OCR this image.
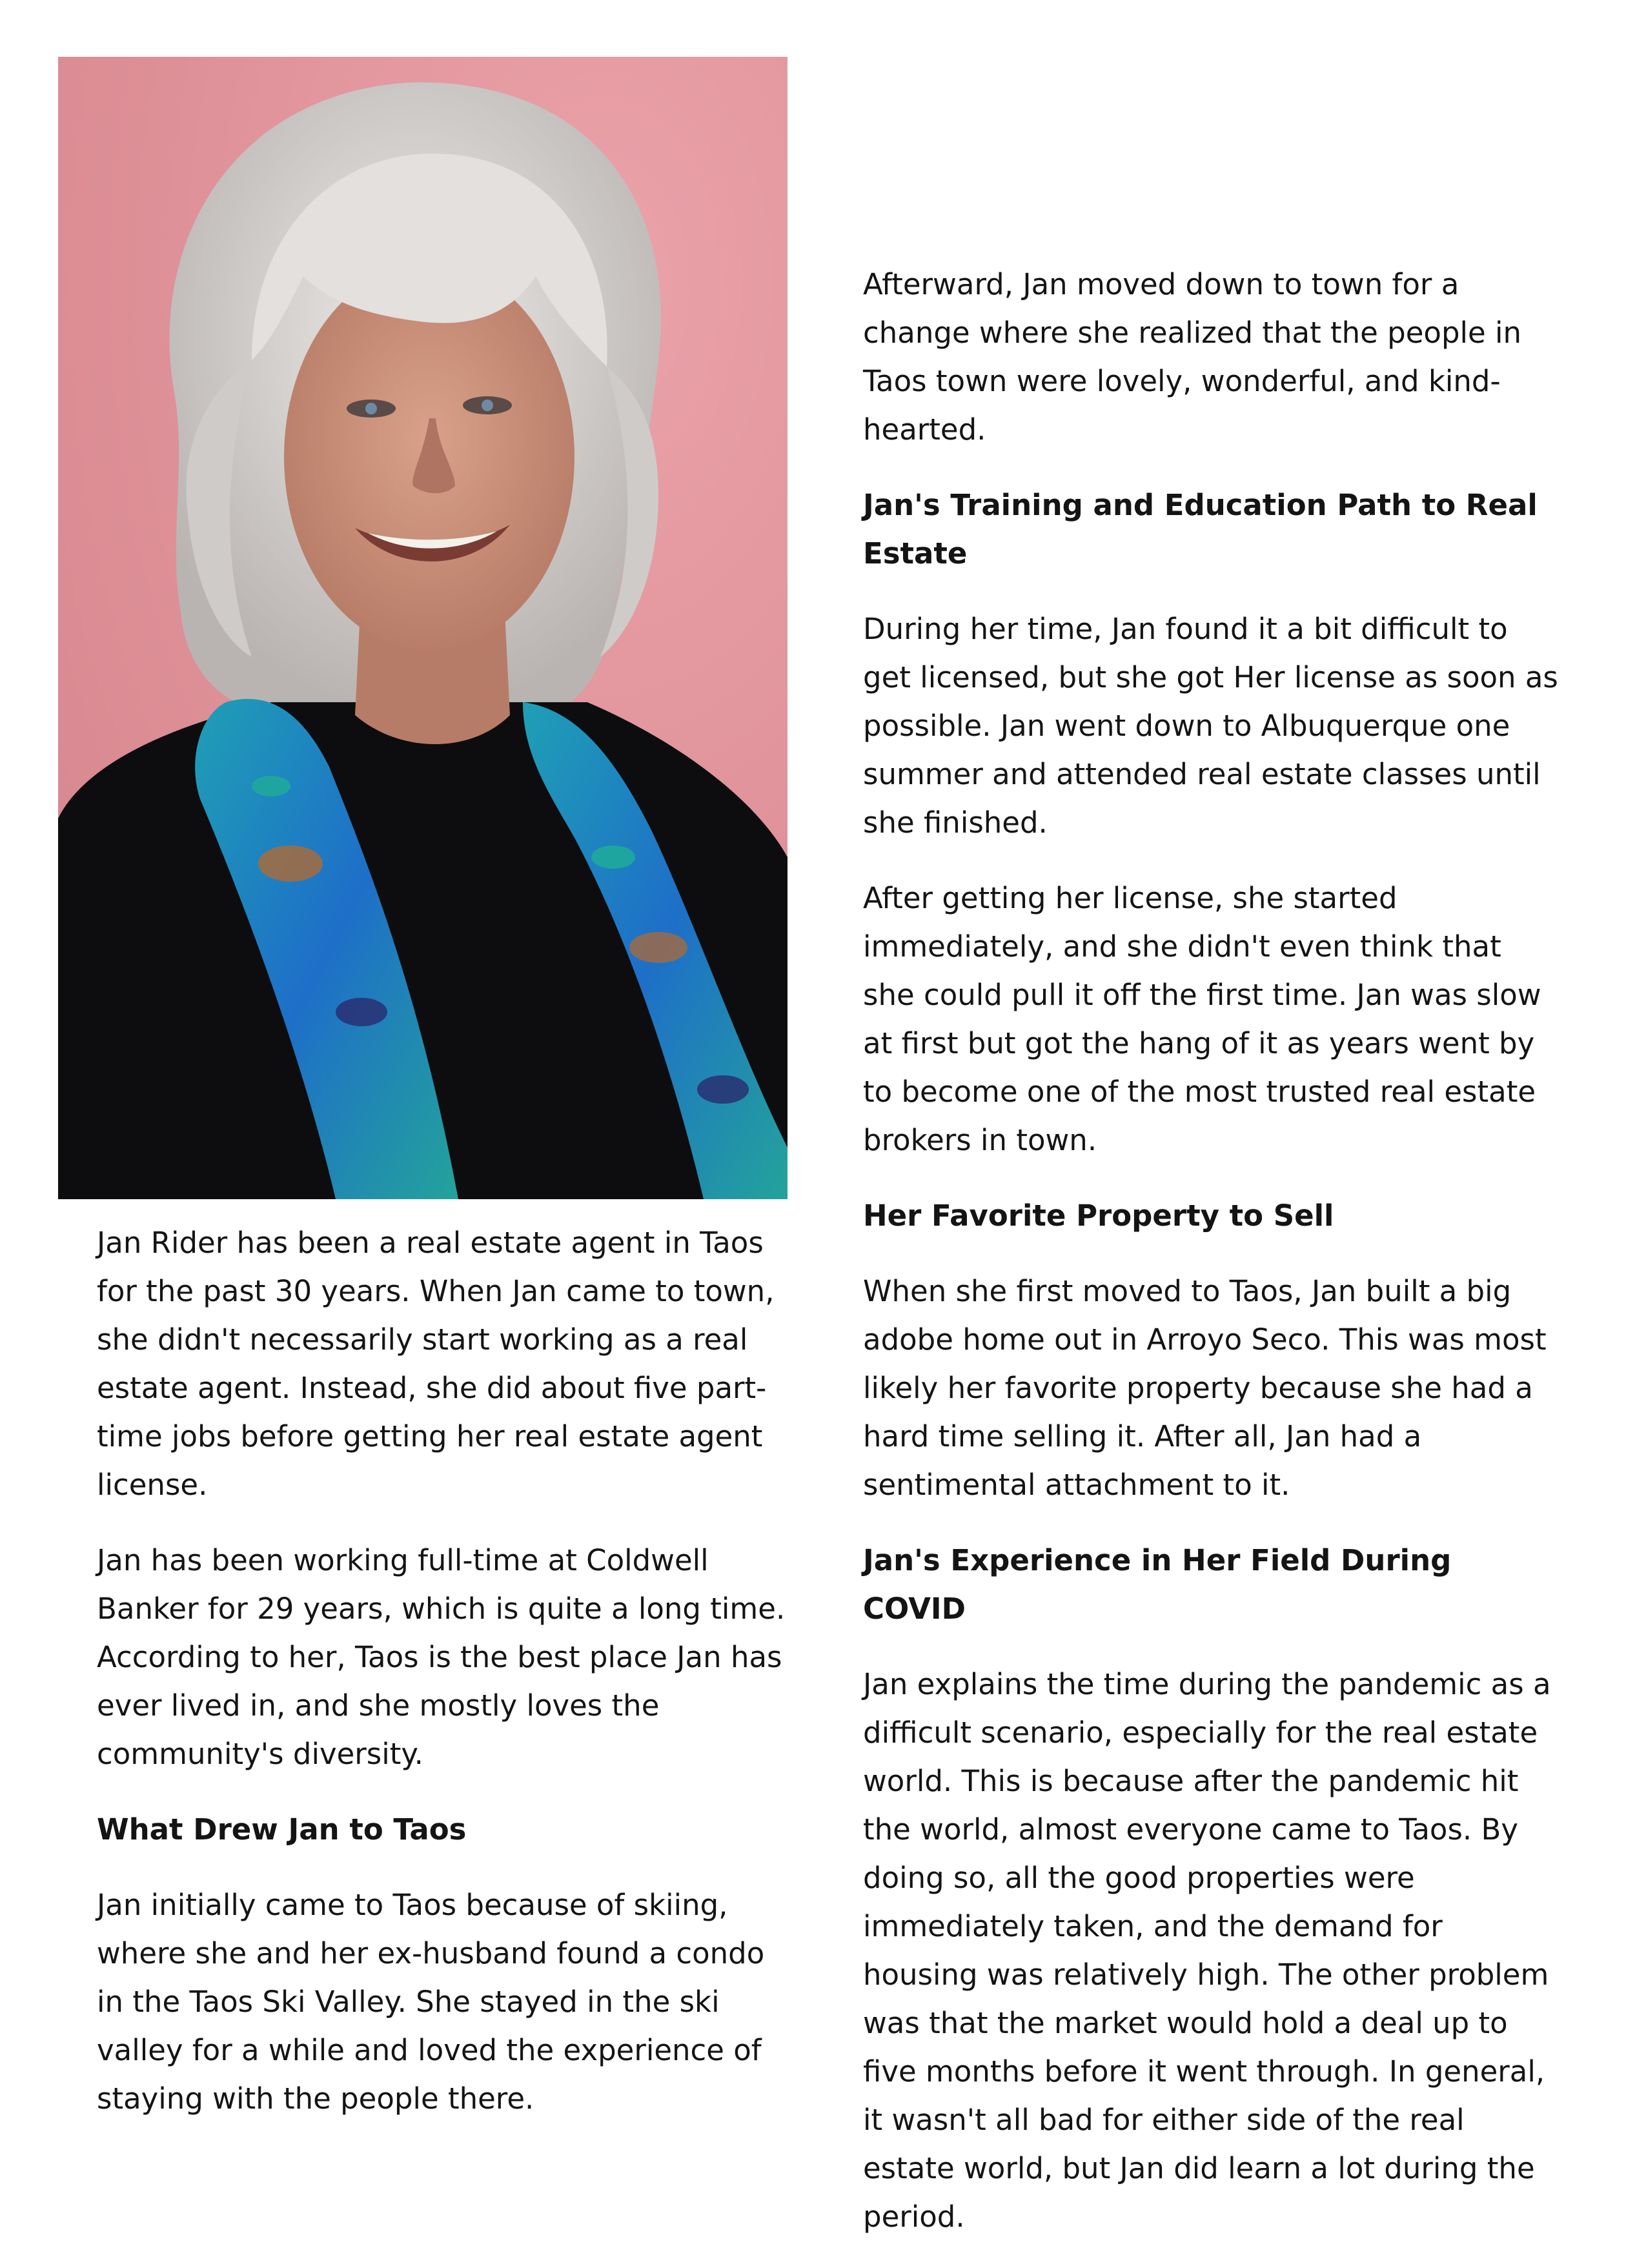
Jan Rider has been a real estate agent in Taos for the past 30 years. When Jan came to town, she didn't necessarily start working as a real estate agent. Instead, she did about five part-time jobs before getting her real estate agent license.

Jan has been working full-time at Coldwell Banker for 29 years, which is quite a long time. According to her, Taos is the best place Jan has ever lived in, and she mostly loves the community's diversity.

What Drew Jan to Taos

Jan initially came to Taos because of skiing, where she and her ex-husband found a condo in the Taos Ski Valley. She stayed in the ski valley for a while and loved the experience of staying with the people there.

Afterward, Jan moved down to town for a change where she realized that the people in Taos town were lovely, wonderful, and kind-hearted.

Jan's Training and Education Path to Real Estate

During her time, Jan found it a bit difficult to get licensed, but she got Her license as soon as possible. Jan went down to Albuquerque one summer and attended real estate classes until she finished.

After getting her license, she started immediately, and she didn't even think that she could pull it off the first time. Jan was slow at first but got the hang of it as years went by to become one of the most trusted real estate brokers in town.

Her Favorite Property to Sell

When she first moved to Taos, Jan built a big adobe home out in Arroyo Seco. This was most likely her favorite property because she had a hard time selling it. After all, Jan had a sentimental attachment to it.

Jan's Experience in Her Field During COVID

Jan explains the time during the pandemic as a difficult scenario, especially for the real estate world. This is because after the pandemic hit the world, almost everyone came to Taos. By doing so, all the good properties were immediately taken, and the demand for housing was relatively high. The other problem was that the market would hold a deal up to five months before it went through. In general, it wasn't all bad for either side of the real estate world, but Jan did learn a lot during the period.
